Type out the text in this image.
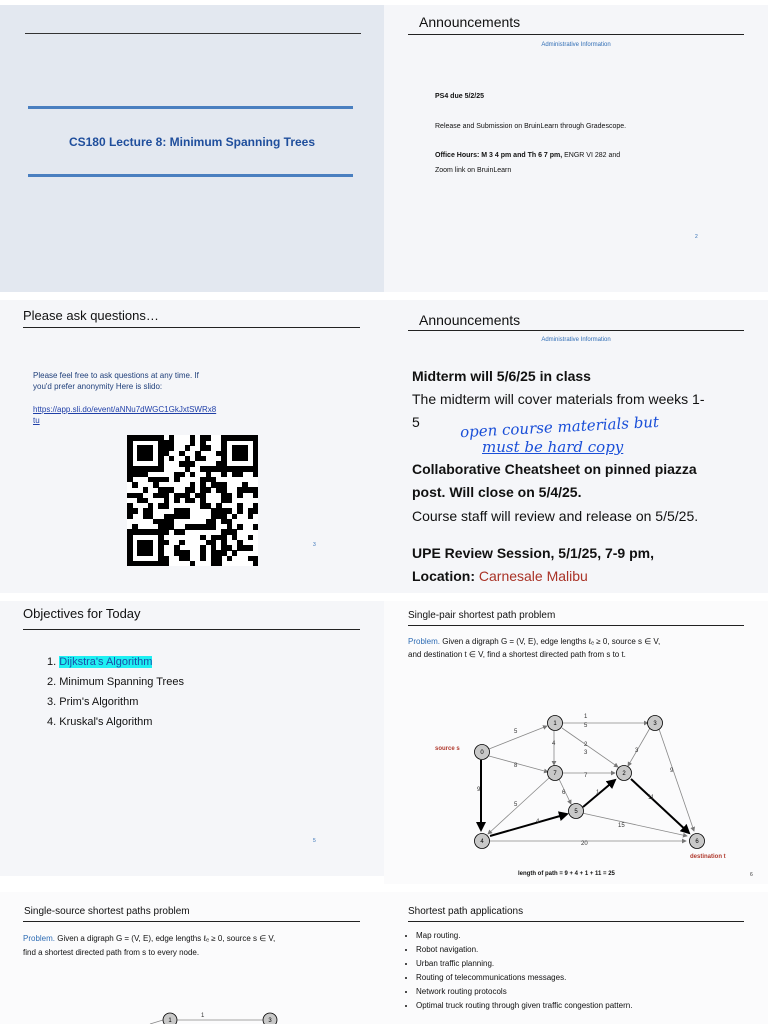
CS180 Lecture 8: Minimum Spanning Trees
Announcements
Administrative Information
PS4 due 5/2/25
Release and Submission on BruinLearn through Gradescope.
Office Hours: M 3 4 pm and Th 6 7 pm, ENGR VI 282 and
Zoom link on BruinLearn
2
Please ask questions…
Please feel free to ask questions at any time. If
you'd prefer anonymity Here is slido:
https://app.sli.do/event/aNNu7dWGC1GkJxtSWRx8
tu
3
Announcements
Administrative Information
Midterm will 5/6/25 in class
The midterm will cover materials from weeks 1-
5	open course materials but
must be hard copy
Collaborative Cheatsheet on pinned piazza
post. Will close on 5/4/25.
Course staff will review and release on 5/5/25.
UPE Review Session, 5/1/25, 7-9 pm,
Location: Carnesale Malibu
Objectives for Today
1. Dijkstra's Algorithm
2. Minimum Spanning Trees
3. Prim's Algorithm
4. Kruskal's Algorithm
5
Single-pair shortest path problem
Problem. Given a digraph G = (V, E), edge lengths ℓₑ ≥ 0, source s ∈ V,
and destination t ∈ V, find a shortest directed path from s to t.
6
5
1
5
4	2
3	3
9
8
7
6	1
5
9
4
11
15
20
0
1	3
7	2
5
4	6
source s
destination t
length of path = 9 + 4 + 1 + 11 = 25
Single-source shortest paths problem
Problem. Given a digraph G = (V, E), edge lengths ℓₑ ≥ 0, source s ∈ V,
find a shortest directed path from s to every node.
1	3
1
Shortest path applications
• Map routing.
• Robot navigation.
• Urban traffic planning.
• Routing of telecommunications messages.
• Network routing protocols
• Optimal truck routing through given traffic congestion pattern.
